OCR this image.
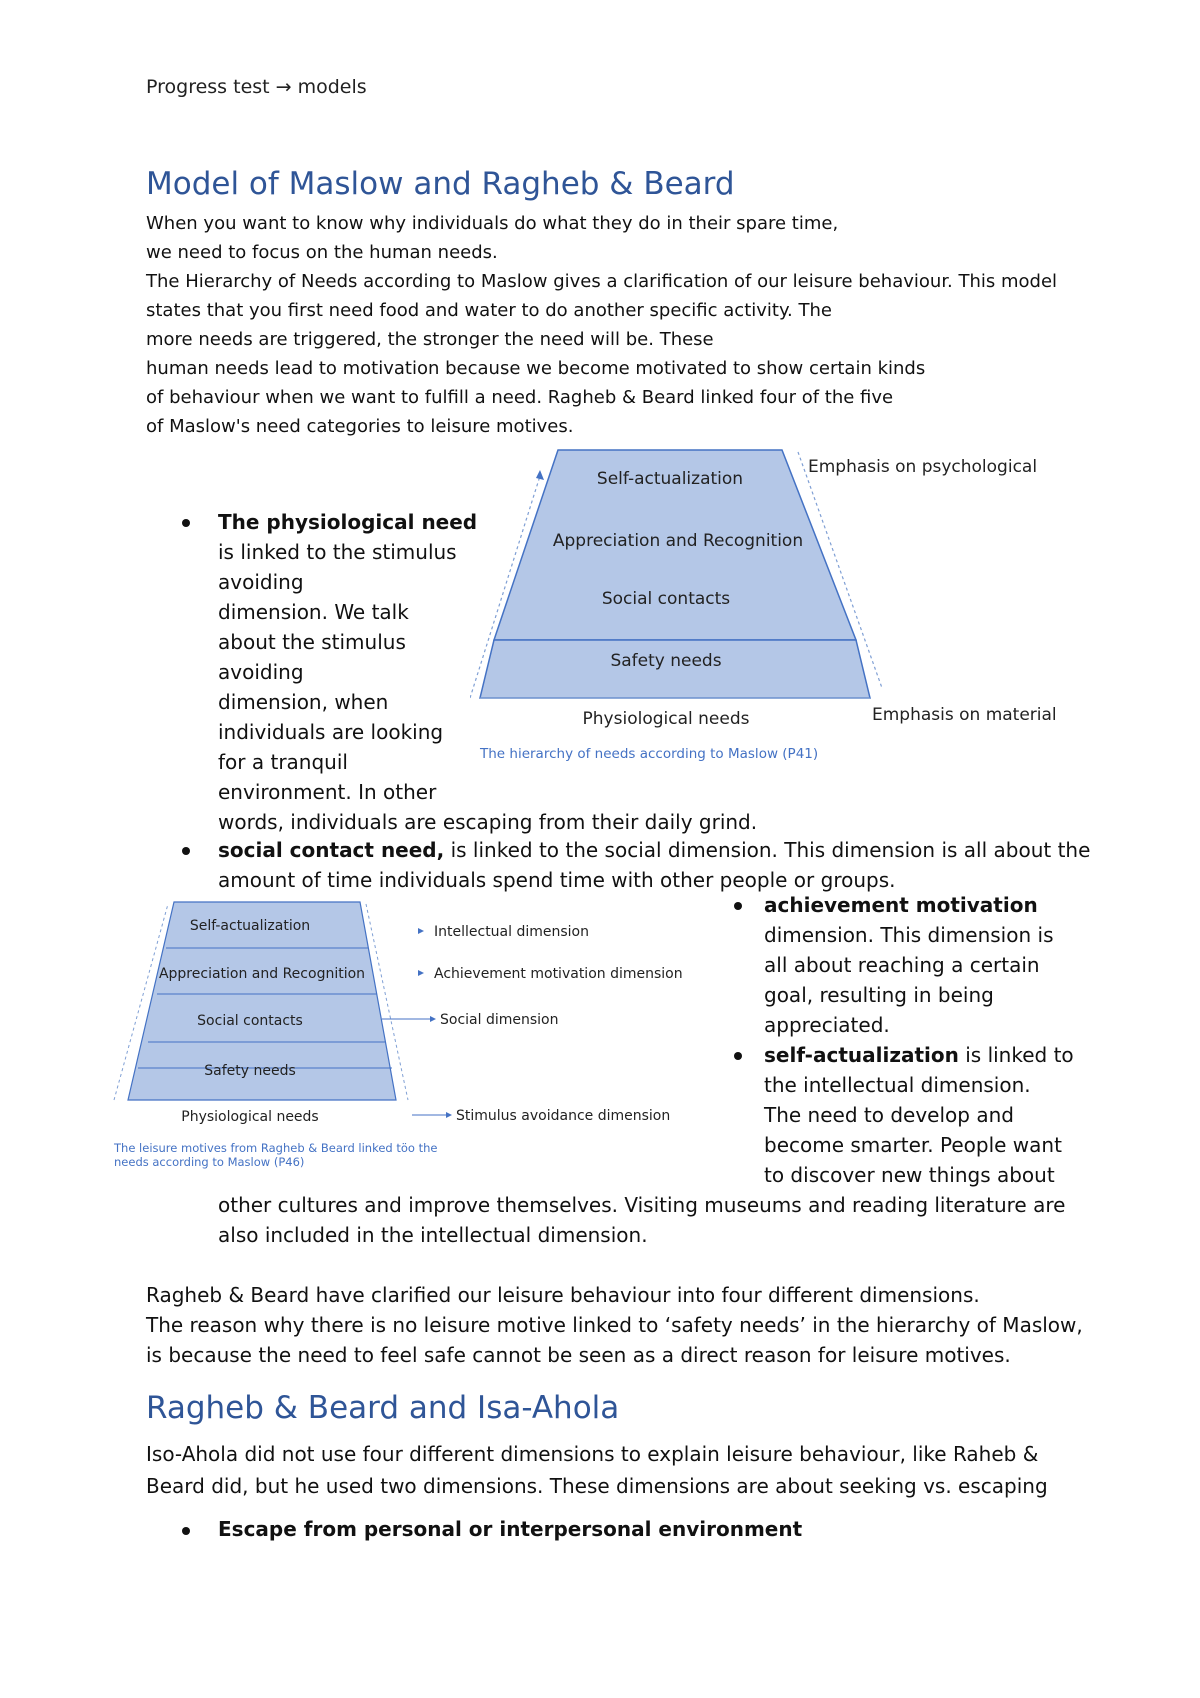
Progress test → models
Model of Maslow and Ragheb & Beard
When you want to know why individuals do what they do in their spare time,
we need to focus on the human needs.
The Hierarchy of Needs according to Maslow gives a clarification of our leisure behaviour. This model
states that you first need food and water to do another specific activity. The
more needs are triggered, the stronger the need will be. These
human needs lead to motivation because we become motivated to show certain kinds
of behaviour when we want to fulfill a need. Ragheb & Beard linked four of the five
of Maslow's need categories to leisure motives.
Self-actualization
Appreciation and Recognition
Social contacts
Safety needs
Physiological needs
Emphasis on psychological
Emphasis on material
The hierarchy of needs according to Maslow (P41)
The physiological need
is linked to the stimulus
avoiding
dimension. We talk
about the stimulus
avoiding
dimension, when
individuals are looking
for a tranquil
environment. In other
words, individuals are escaping from their daily grind.
social contact need, is linked to the social dimension. This dimension is all about the
amount of time individuals spend time with other people or groups.
Self-actualization
Appreciation and Recognition
Social contacts
Safety needs
Physiological needs
Intellectual dimension
Achievement motivation dimension
Social dimension
Stimulus avoidance dimension
The leisure motives from Ragheb & Beard linked töo the
needs according to Maslow (P46)
achievement motivation
dimension. This dimension is
all about reaching a certain
goal, resulting in being
appreciated.
self-actualization is linked to
the intellectual dimension.
The need to develop and
become smarter. People want
to discover new things about
other cultures and improve themselves. Visiting museums and reading literature are
also included in the intellectual dimension.
Ragheb & Beard have clarified our leisure behaviour into four different dimensions.
The reason why there is no leisure motive linked to ‘safety needs’ in the hierarchy of Maslow,
is because the need to feel safe cannot be seen as a direct reason for leisure motives.
Ragheb & Beard and Isa-Ahola
Iso-Ahola did not use four different dimensions to explain leisure behaviour, like Raheb &
Beard did, but he used two dimensions. These dimensions are about seeking vs. escaping
Escape from personal or interpersonal environment
